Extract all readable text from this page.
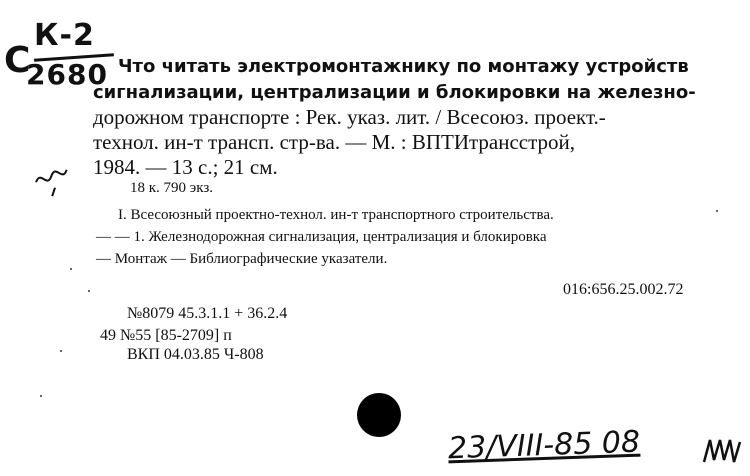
С
К-2
2680 Что читать электромонтажнику по монтажу устройств
сигнализации, централизации и блокировки на железно-
дорожном транспорте : Рек. указ. лит. / Всесоюз. проект.-
технол. ин-т трансп. стр-ва. — М. : ВПТИтрансстрой,
1984. — 13 с.; 21 см.
18 к. 790 экз.
I. Всесоюзный проектно-технол. ин-т транспортного строительства.
— — 1. Железнодорожная сигнализация, централизация и блокировка
— Монтаж — Библиографические указатели.
016:656.25.002.72
№8079 45.3.1.1 + 36.2.4
49 №55 [85-2709] п
ВКП 04.03.85 Ч-808
23/VIII-85 08
